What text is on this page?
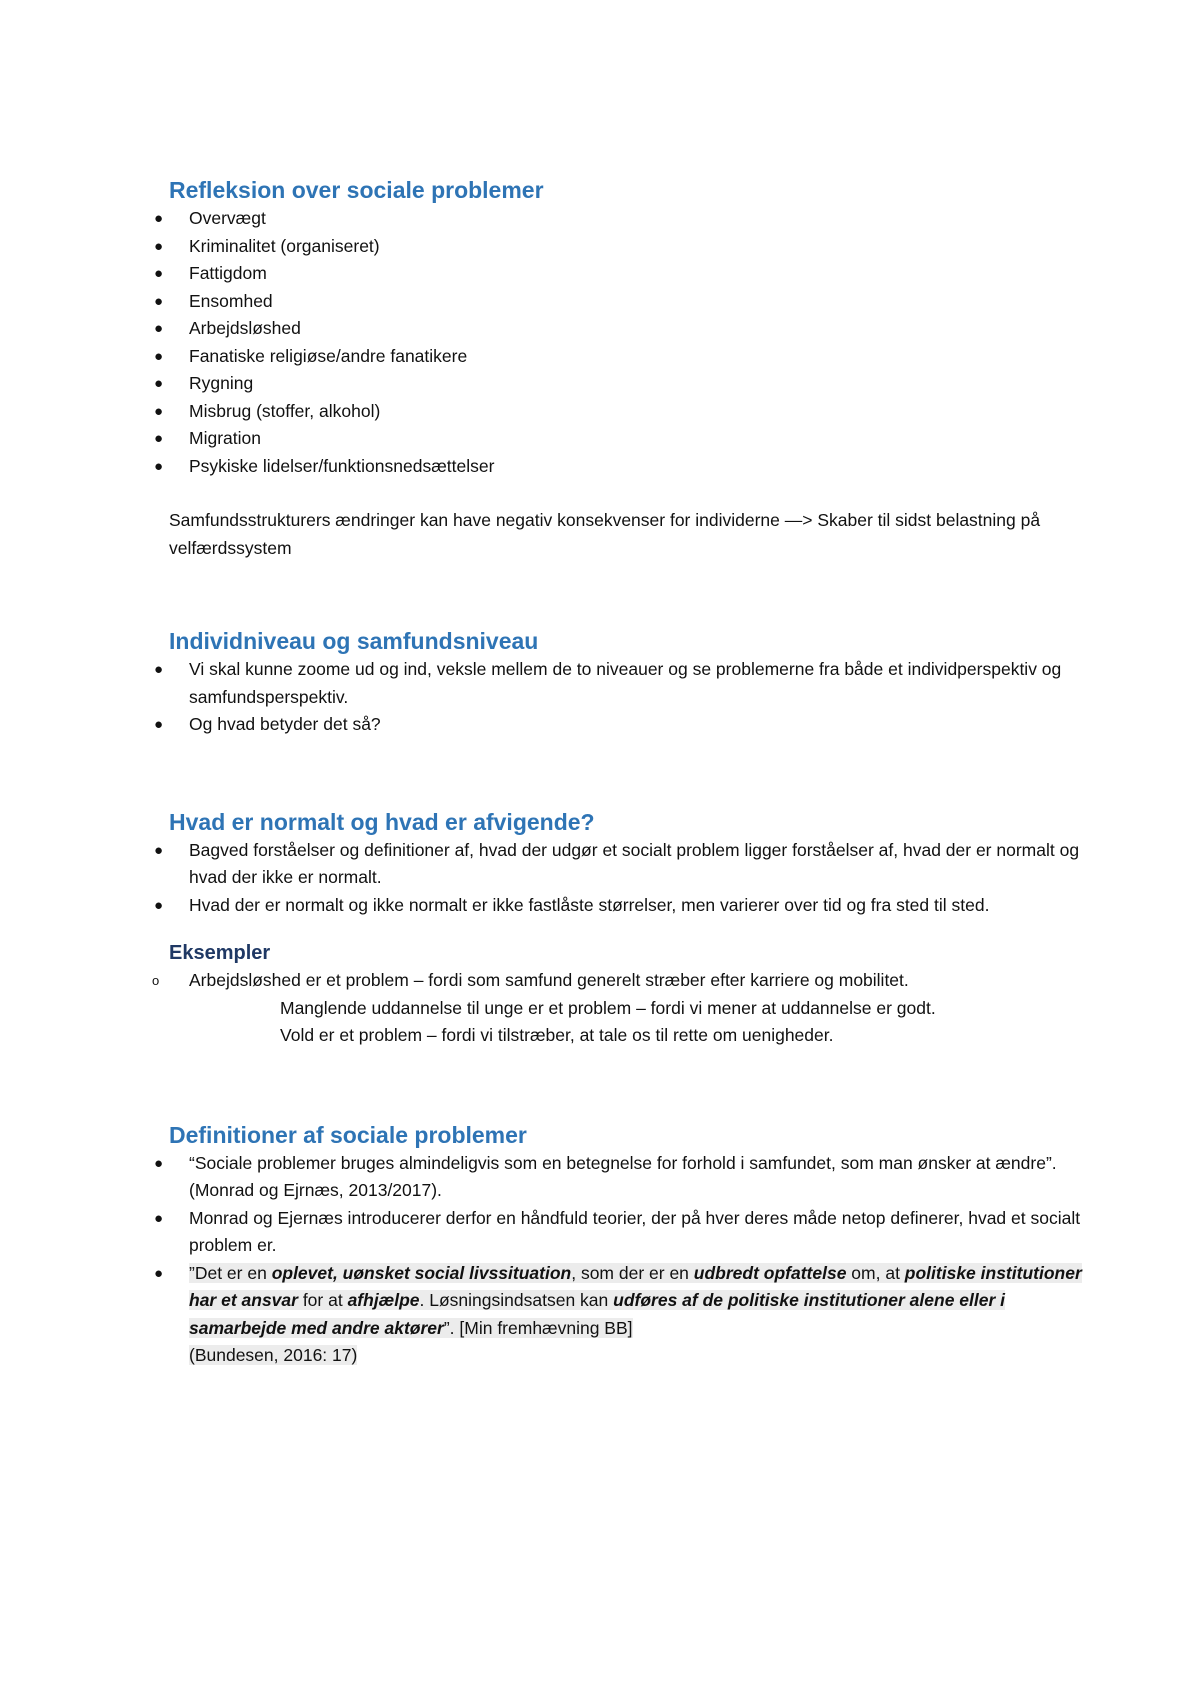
Refleksion over sociale problemer
● Overvægt
● Kriminalitet (organiseret)
● Fattigdom
● Ensomhed
● Arbejdsløshed
● Fanatiske religiøse/andre fanatikere
● Rygning
● Misbrug (stoffer, alkohol)
● Migration
● Psykiske lidelser/funktionsnedsættelser

Samfundsstrukturers ændringer kan have negativ konsekvenser for individerne —> Skaber til sidst belastning på velfærdssystem

Individniveau og samfundsniveau
● Vi skal kunne zoome ud og ind, veksle mellem de to niveauer og se problemerne fra både et individperspektiv og samfundsperspektiv.
● Og hvad betyder det så?
Hvad er normalt og hvad er afvigende?
● Bagved forståelser og definitioner af, hvad der udgør et socialt problem ligger forståelser af, hvad der er normalt og hvad der ikke er normalt.
● Hvad der er normalt og ikke normalt er ikke fastlåste størrelser, men varierer over tid og fra sted til sted.
Eksempler
o Arbejdsløshed er et problem – fordi som samfund generelt stræber efter karriere og mobilitet.

Manglende uddannelse til unge er et problem – fordi vi mener at uddannelse er godt.

Vold er et problem – fordi vi tilstræber, at tale os til rette om uenigheder.

Definitioner af sociale problemer
● “Sociale problemer bruges almindeligvis som en betegnelse for forhold i samfundet, som man ønsker at ændre”. (Monrad og Ejrnæs, 2013/2017).
● Monrad og Ejernæs introducerer derfor en håndfuld teorier, der på hver deres måde netop definerer, hvad et socialt problem er.
● ”Det er en oplevet, uønsket social livssituation, som der er en udbredt opfattelse om, at politiske institutioner har et ansvar for at afhjælpe. Løsningsindsatsen kan udføres af de politiske institutioner alene eller i samarbejde med andre aktører”. [Min fremhævning BB]
(Bundesen, 2016: 17)
